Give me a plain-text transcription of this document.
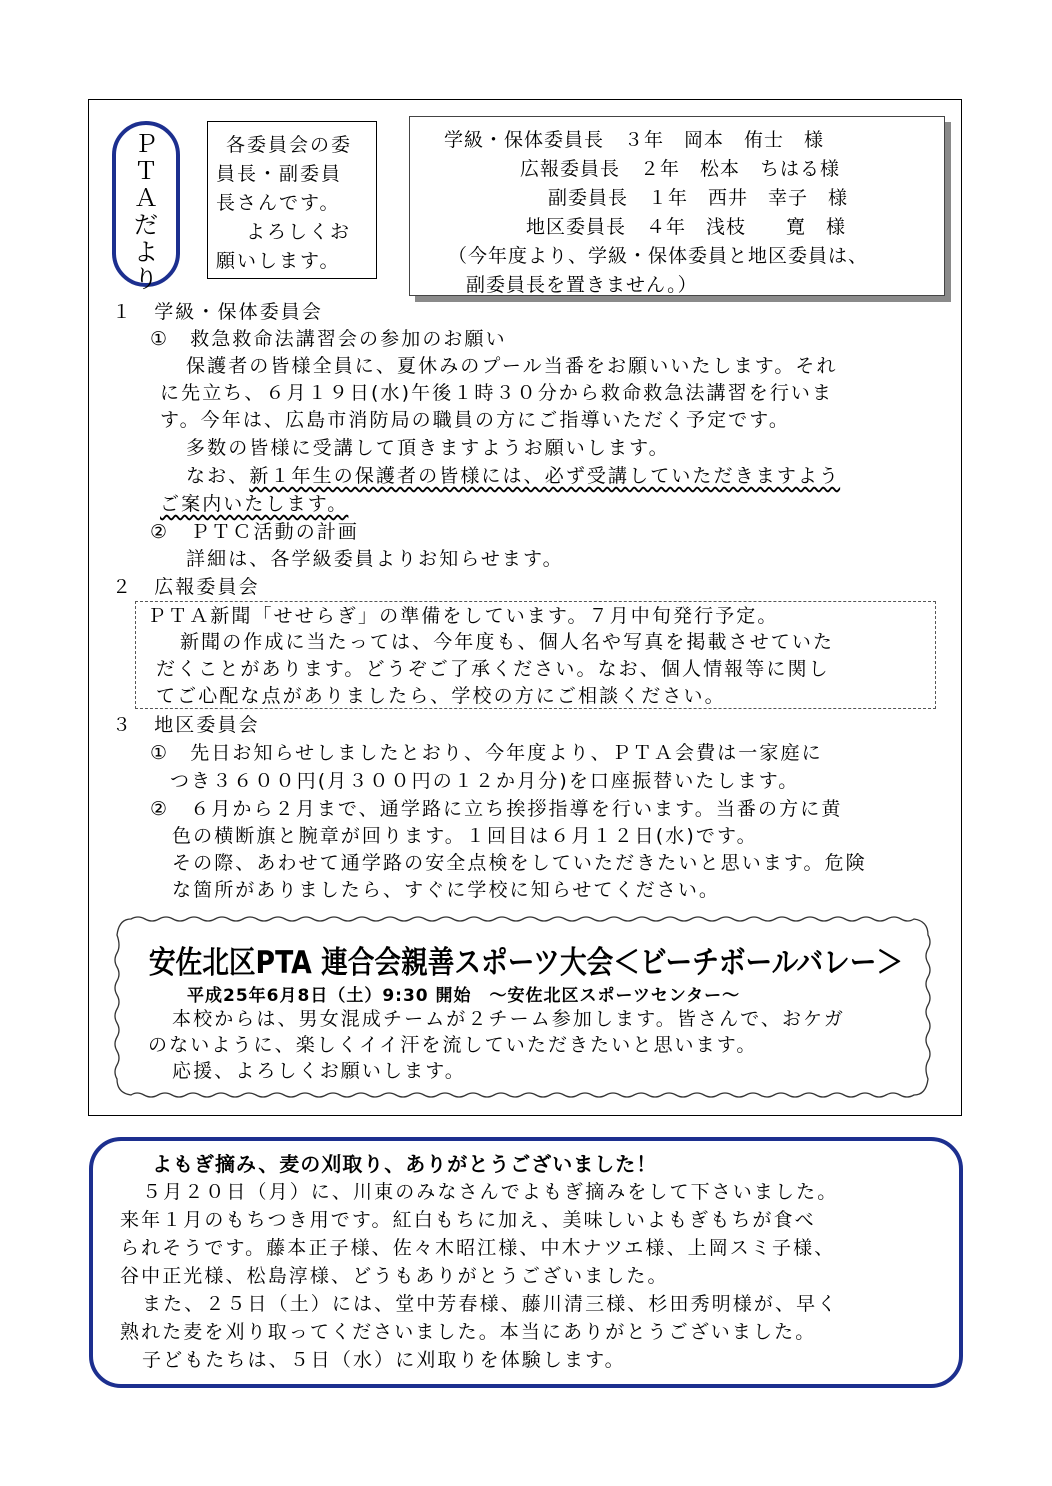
Ｐ
Ｔ
Ａ
だ
よ
り
各委員会の委
員長・副委員
長さんです。
よろしくお
願いします。
学級・保体委員長　３年　岡本　侑士　様
広報委員長　２年　松本　ちはる様
副委員長　１年　西井　幸子　様
地区委員長　４年　浅枝　　寛　様
（今年度より、学級・保体委員と地区委員は、
副委員長を置きません。）
１　学級・保体委員会
①　救急救命法講習会の参加のお願い
保護者の皆様全員に、夏休みのプール当番をお願いいたします。それ
に先立ち、６月１９日(水)午後１時３０分から救命救急法講習を行いま
す。今年は、広島市消防局の職員の方にご指導いただく予定です。
多数の皆様に受講して頂きますようお願いします。
なお、新１年生の保護者の皆様には、必ず受講していただきますよう
ご案内いたします。
②　ＰＴＣ活動の計画
詳細は、各学級委員よりお知らせます。
２　広報委員会
ＰＴＡ新聞「せせらぎ」の準備をしています。７月中旬発行予定。
新聞の作成に当たっては、今年度も、個人名や写真を掲載させていた
だくことがあります。どうぞご了承ください。なお、個人情報等に関し
てご心配な点がありましたら、学校の方にご相談ください。
３　地区委員会
①　先日お知らせしましたとおり、今年度より、ＰＴＡ会費は一家庭に
つき３６００円(月３００円の１２か月分)を口座振替いたします。
②　６月から２月まで、通学路に立ち挨拶指導を行います。当番の方に黄
色の横断旗と腕章が回ります。１回目は６月１２日(水)です。
その際、あわせて通学路の安全点検をしていただきたいと思います。危険
な箇所がありましたら、すぐに学校に知らせてください。
安佐北区PTA 連合会親善スポーツ大会＜ビーチボールバレー＞
平成25年6月8日（土）9:30 開始　～安佐北区スポーツセンター～
本校からは、男女混成チームが２チーム参加します。皆さんで、おケガ
のないように、楽しくイイ汗を流していただきたいと思います。
応援、よろしくお願いします。
よもぎ摘み、麦の刈取り、ありがとうございました！
５月２０日（月）に、川東のみなさんでよもぎ摘みをして下さいました。
来年１月のもちつき用です。紅白もちに加え、美味しいよもぎもちが食べ
られそうです。藤本正子様、佐々木昭江様、中木ナツエ様、上岡スミ子様、
谷中正光様、松島淳様、どうもありがとうございました。
また、２５日（土）には、堂中芳春様、藤川清三様、杉田秀明様が、早く
熟れた麦を刈り取ってくださいました。本当にありがとうございました。
子どもたちは、５日（水）に刈取りを体験します。
